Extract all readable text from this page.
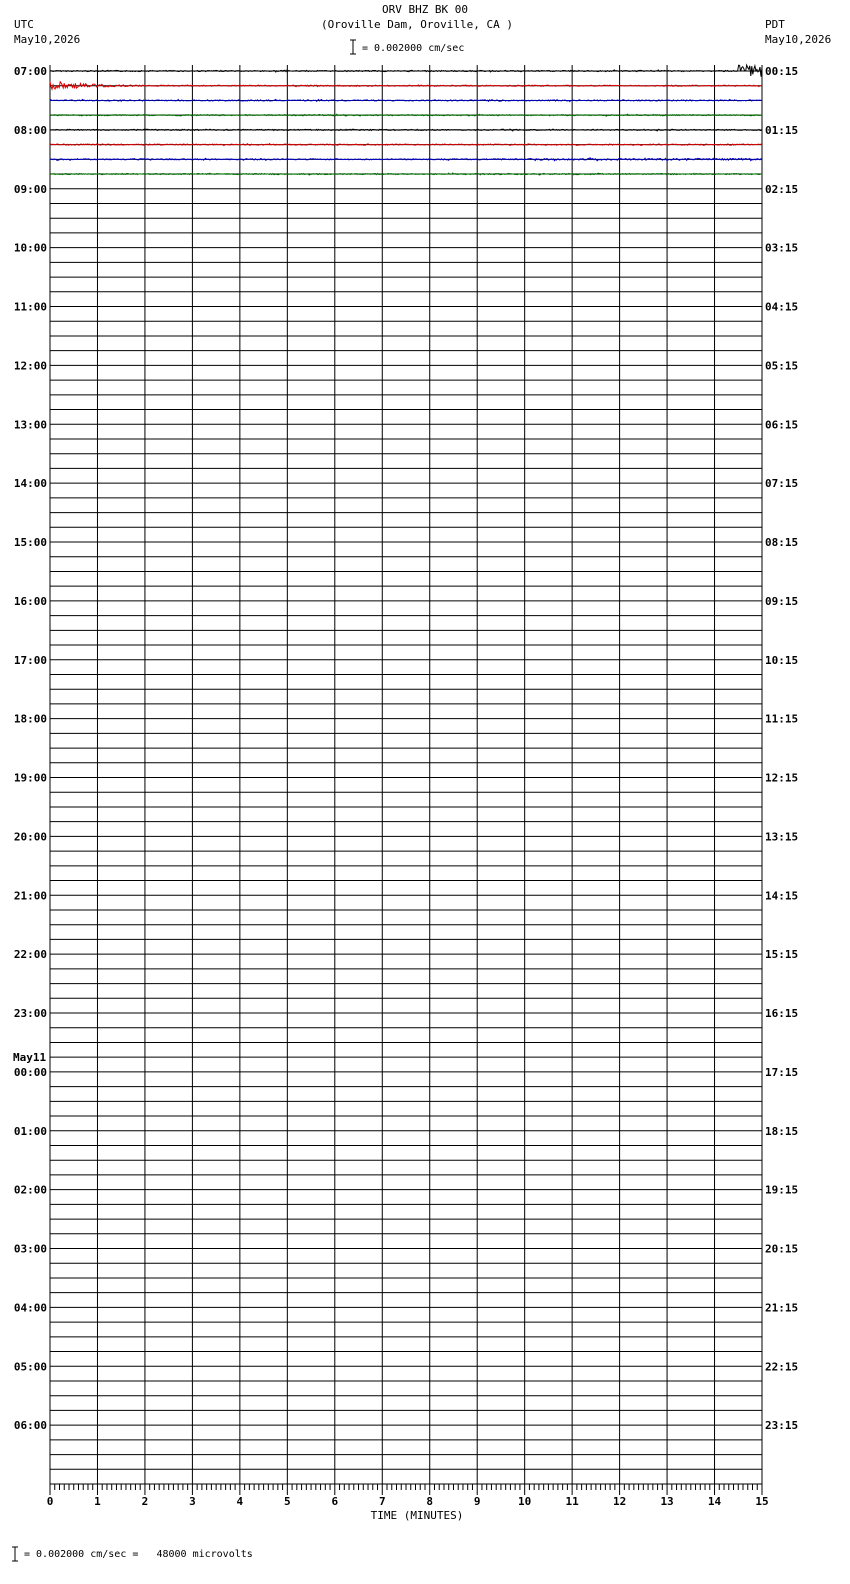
07:00
08:00
09:00
10:00
11:00
12:00
13:00
14:00
15:00
16:00
17:00
18:00
19:00
20:00
21:00
22:00
23:00
00:00
01:00
02:00
03:00
04:00
05:00
06:00
May11
00:15
01:15
02:15
03:15
04:15
05:15
06:15
07:15
08:15
09:15
10:15
11:15
12:15
13:15
14:15
15:15
16:15
17:15
18:15
19:15
20:15
21:15
22:15
23:15
0	1	2	3	4	5	6	7	8	9	10	11	12	13	14	15
ORV BHZ BK 00
(Oroville Dam, Oroville, CA )
= 0.002000 cm/sec
UTC
May10,2026
PDT
May10,2026
TIME (MINUTES)
= 0.002000 cm/sec =   48000 microvolts
